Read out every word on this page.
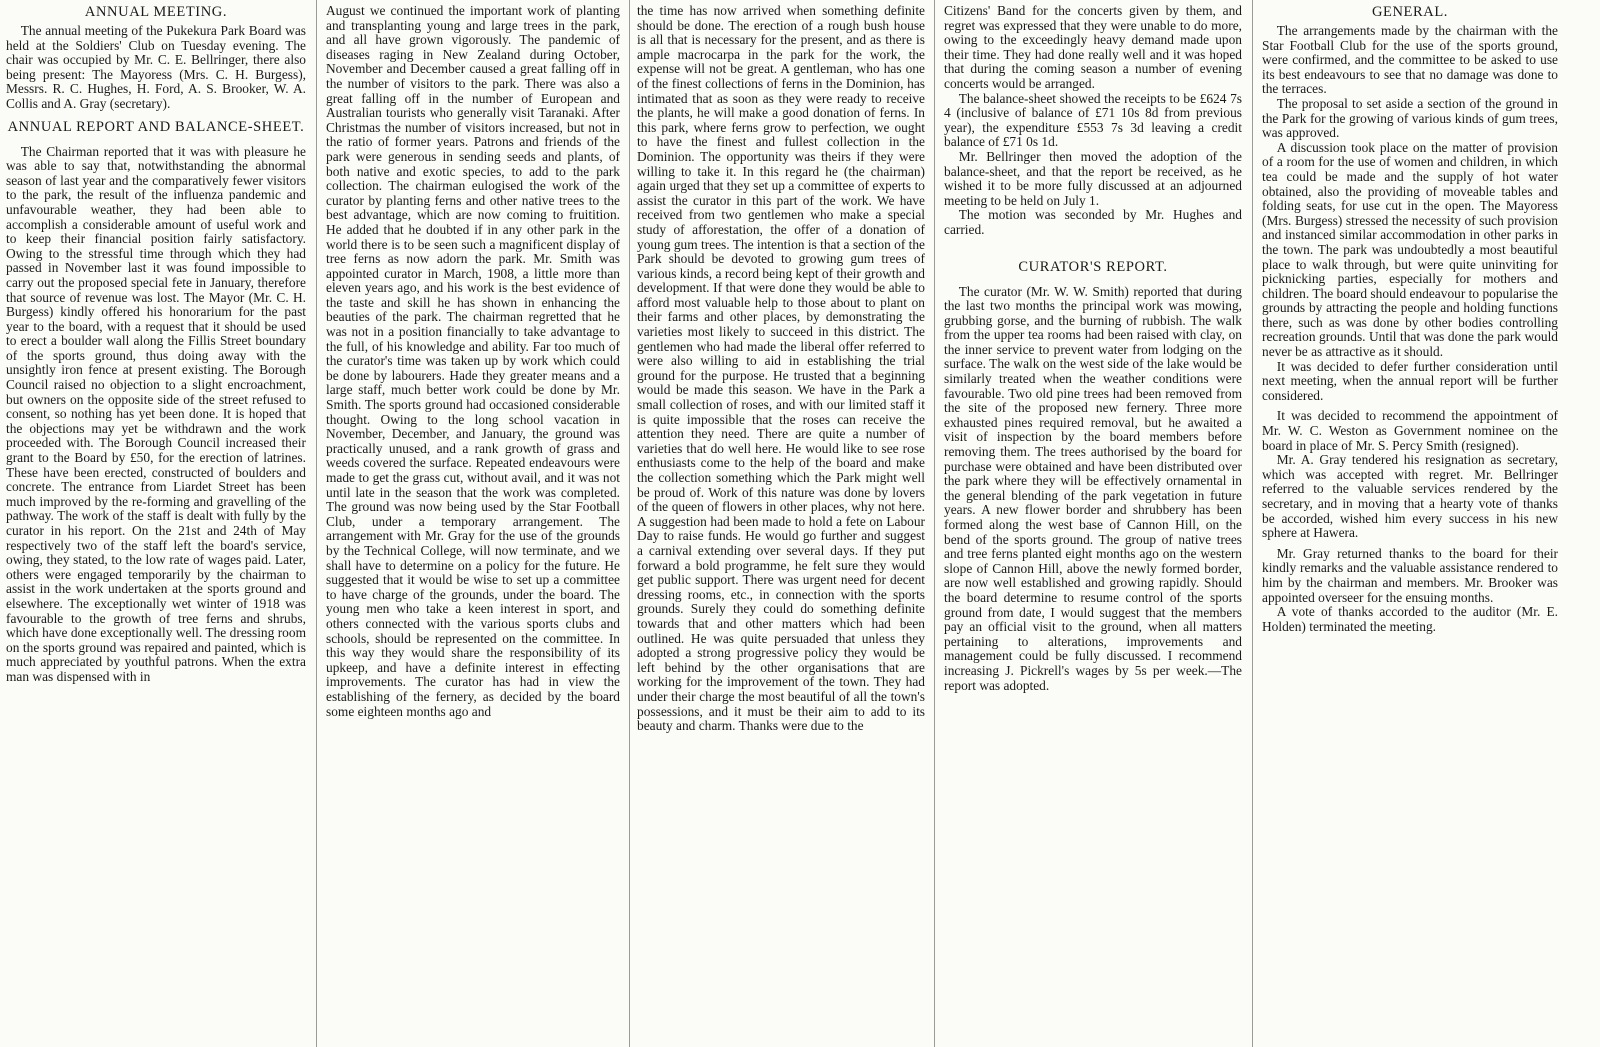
ANNUAL MEETING.

The annual meeting of the Pukekura Park Board was held at the Soldiers' Club on Tuesday evening. The chair was occupied by Mr. C. E. Bellringer, there also being present: The Mayoress (Mrs. C. H. Burgess), Messrs. R. C. Hughes, H. Ford, A. S. Brooker, W. A. Collis and A. Gray (secretary).

ANNUAL REPORT AND BALANCE-SHEET.

The Chairman reported that it was with pleasure he was able to say that, notwithstanding the abnormal season of last year and the comparatively fewer visitors to the park, the result of the influenza pandemic and unfavourable weather, they had been able to accomplish a considerable amount of useful work and to keep their financial position fairly satisfactory. Owing to the stressful time through which they had passed in November last it was found impossible to carry out the proposed special fete in January, therefore that source of revenue was lost. The Mayor (Mr. C. H. Burgess) kindly offered his honorarium for the past year to the board, with a request that it should be used to erect a boulder wall along the Fillis Street boundary of the sports ground, thus doing away with the unsightly iron fence at present existing. The Borough Council raised no objection to a slight encroachment, but owners on the opposite side of the street refused to consent, so nothing has yet been done. It is hoped that the objections may yet be withdrawn and the work proceeded with. The Borough Council increased their grant to the Board by £50, for the erection of latrines. These have been erected, constructed of boulders and concrete. The entrance from Liardet Street has been much improved by the re-forming and gravelling of the pathway. The work of the staff is dealt with fully by the curator in his report. On the 21st and 24th of May respectively two of the staff left the board's service, owing, they stated, to the low rate of wages paid. Later, others were engaged temporarily by the chairman to assist in the work undertaken at the sports ground and elsewhere. The exceptionally wet winter of 1918 was favourable to the growth of tree ferns and shrubs, which have done exceptionally well. The dressing room on the sports ground was repaired and painted, which is much appreciated by youthful patrons. When the extra man was dispensed with in

August we continued the important work of planting and transplanting young and large trees in the park, and all have grown vigorously. The pandemic of diseases raging in New Zealand during October, November and December caused a great falling off in the number of visitors to the park. There was also a great falling off in the number of European and Australian tourists who generally visit Taranaki. After Christmas the number of visitors increased, but not in the ratio of former years. Patrons and friends of the park were generous in sending seeds and plants, of both native and exotic species, to add to the park collection. The chairman eulogised the work of the curator by planting ferns and other native trees to the best advantage, which are now coming to fruitition. He added that he doubted if in any other park in the world there is to be seen such a magnificent display of tree ferns as now adorn the park. Mr. Smith was appointed curator in March, 1908, a little more than eleven years ago, and his work is the best evidence of the taste and skill he has shown in enhancing the beauties of the park. The chairman regretted that he was not in a position financially to take advantage to the full, of his knowledge and ability. Far too much of the curator's time was taken up by work which could be done by labourers. Hade they greater means and a large staff, much better work could be done by Mr. Smith. The sports ground had occasioned considerable thought. Owing to the long school vacation in November, December, and January, the ground was practically unused, and a rank growth of grass and weeds covered the surface. Repeated endeavours were made to get the grass cut, without avail, and it was not until late in the season that the work was completed. The ground was now being used by the Star Football Club, under a temporary arrangement. The arrangement with Mr. Gray for the use of the grounds by the Technical College, will now terminate, and we shall have to determine on a policy for the future. He suggested that it would be wise to set up a committee to have charge of the grounds, under the board. The young men who take a keen interest in sport, and others connected with the various sports clubs and schools, should be represented on the committee. In this way they would share the responsibility of its upkeep, and have a definite interest in effecting improvements. The curator has had in view the establishing of the fernery, as decided by the board some eighteen months ago and

the time has now arrived when something definite should be done. The erection of a rough bush house is all that is necessary for the present, and as there is ample macrocarpa in the park for the work, the expense will not be great. A gentleman, who has one of the finest collections of ferns in the Dominion, has intimated that as soon as they were ready to receive the plants, he will make a good donation of ferns. In this park, where ferns grow to perfection, we ought to have the finest and fullest collection in the Dominion. The opportunity was theirs if they were willing to take it. In this regard he (the chairman) again urged that they set up a committee of experts to assist the curator in this part of the work. We have received from two gentlemen who make a special study of afforestation, the offer of a donation of young gum trees. The intention is that a section of the Park should be devoted to growing gum trees of various kinds, a record being kept of their growth and development. If that were done they would be able to afford most valuable help to those about to plant on their farms and other places, by demonstrating the varieties most likely to succeed in this district. The gentlemen who had made the liberal offer referred to were also willing to aid in establishing the trial ground for the purpose. He trusted that a beginning would be made this season. We have in the Park a small collection of roses, and with our limited staff it is quite impossible that the roses can receive the attention they need. There are quite a number of varieties that do well here. He would like to see rose enthusiasts come to the help of the board and make the collection something which the Park might well be proud of. Work of this nature was done by lovers of the queen of flowers in other places, why not here. A suggestion had been made to hold a fete on Labour Day to raise funds. He would go further and suggest a carnival extending over several days. If they put forward a bold programme, he felt sure they would get public support. There was urgent need for decent dressing rooms, etc., in connection with the sports grounds. Surely they could do something definite towards that and other matters which had been outlined. He was quite persuaded that unless they adopted a strong progressive policy they would be left behind by the other organisations that are working for the improvement of the town. They had under their charge the most beautiful of all the town's possessions, and it must be their aim to add to its beauty and charm. Thanks were due to the

Citizens' Band for the concerts given by them, and regret was expressed that they were unable to do more, owing to the exceedingly heavy demand made upon their time. They had done really well and it was hoped that during the coming season a number of evening concerts would be arranged.

The balance-sheet showed the receipts to be £624 7s 4 (inclusive of balance of £71 10s 8d from previous year), the expenditure £553 7s 3d leaving a credit balance of £71 0s 1d.

Mr. Bellringer then moved the adoption of the balance-sheet, and that the report be received, as he wished it to be more fully discussed at an adjourned meeting to be held on July 1.

The motion was seconded by Mr. Hughes and carried.

CURATOR'S REPORT.

The curator (Mr. W. W. Smith) reported that during the last two months the principal work was mowing, grubbing gorse, and the burning of rubbish. The walk from the upper tea rooms had been raised with clay, on the inner service to prevent water from lodging on the surface. The walk on the west side of the lake would be similarly treated when the weather conditions were favourable. Two old pine trees had been removed from the site of the proposed new fernery. Three more exhausted pines required removal, but he awaited a visit of inspection by the board members before removing them. The trees authorised by the board for purchase were obtained and have been distributed over the park where they will be effectively ornamental in the general blending of the park vegetation in future years. A new flower border and shrubbery has been formed along the west base of Cannon Hill, on the bend of the sports ground. The group of native trees and tree ferns planted eight months ago on the western slope of Cannon Hill, above the newly formed border, are now well established and growing rapidly. Should the board determine to resume control of the sports ground from date, I would suggest that the members pay an official visit to the ground, when all matters pertaining to alterations, improvements and management could be fully discussed. I recommend increasing J. Pickrell's wages by 5s per week.—The report was adopted.

GENERAL.

The arrangements made by the chairman with the Star Football Club for the use of the sports ground, were confirmed, and the committee to be asked to use its best endeavours to see that no damage was done to the terraces.

The proposal to set aside a section of the ground in the Park for the growing of various kinds of gum trees, was approved.

A discussion took place on the matter of provision of a room for the use of women and children, in which tea could be made and the supply of hot water obtained, also the providing of moveable tables and folding seats, for use cut in the open. The Mayoress (Mrs. Burgess) stressed the necessity of such provision and instanced similar accommodation in other parks in the town. The park was undoubtedly a most beautiful place to walk through, but were quite uninviting for picknicking parties, especially for mothers and children. The board should endeavour to popularise the grounds by attracting the people and holding functions there, such as was done by other bodies controlling recreation grounds. Until that was done the park would never be as attractive as it should.

It was decided to defer further consideration until next meeting, when the annual report will be further considered.

It was decided to recommend the appointment of Mr. W. C. Weston as Government nominee on the board in place of Mr. S. Percy Smith (resigned).

Mr. A. Gray tendered his resignation as secretary, which was accepted with regret. Mr. Bellringer referred to the valuable services rendered by the secretary, and in moving that a hearty vote of thanks be accorded, wished him every success in his new sphere at Hawera.

Mr. Gray returned thanks to the board for their kindly remarks and the valuable assistance rendered to him by the chairman and members. Mr. Brooker was appointed overseer for the ensuing months.

A vote of thanks accorded to the auditor (Mr. E. Holden) terminated the meeting.
